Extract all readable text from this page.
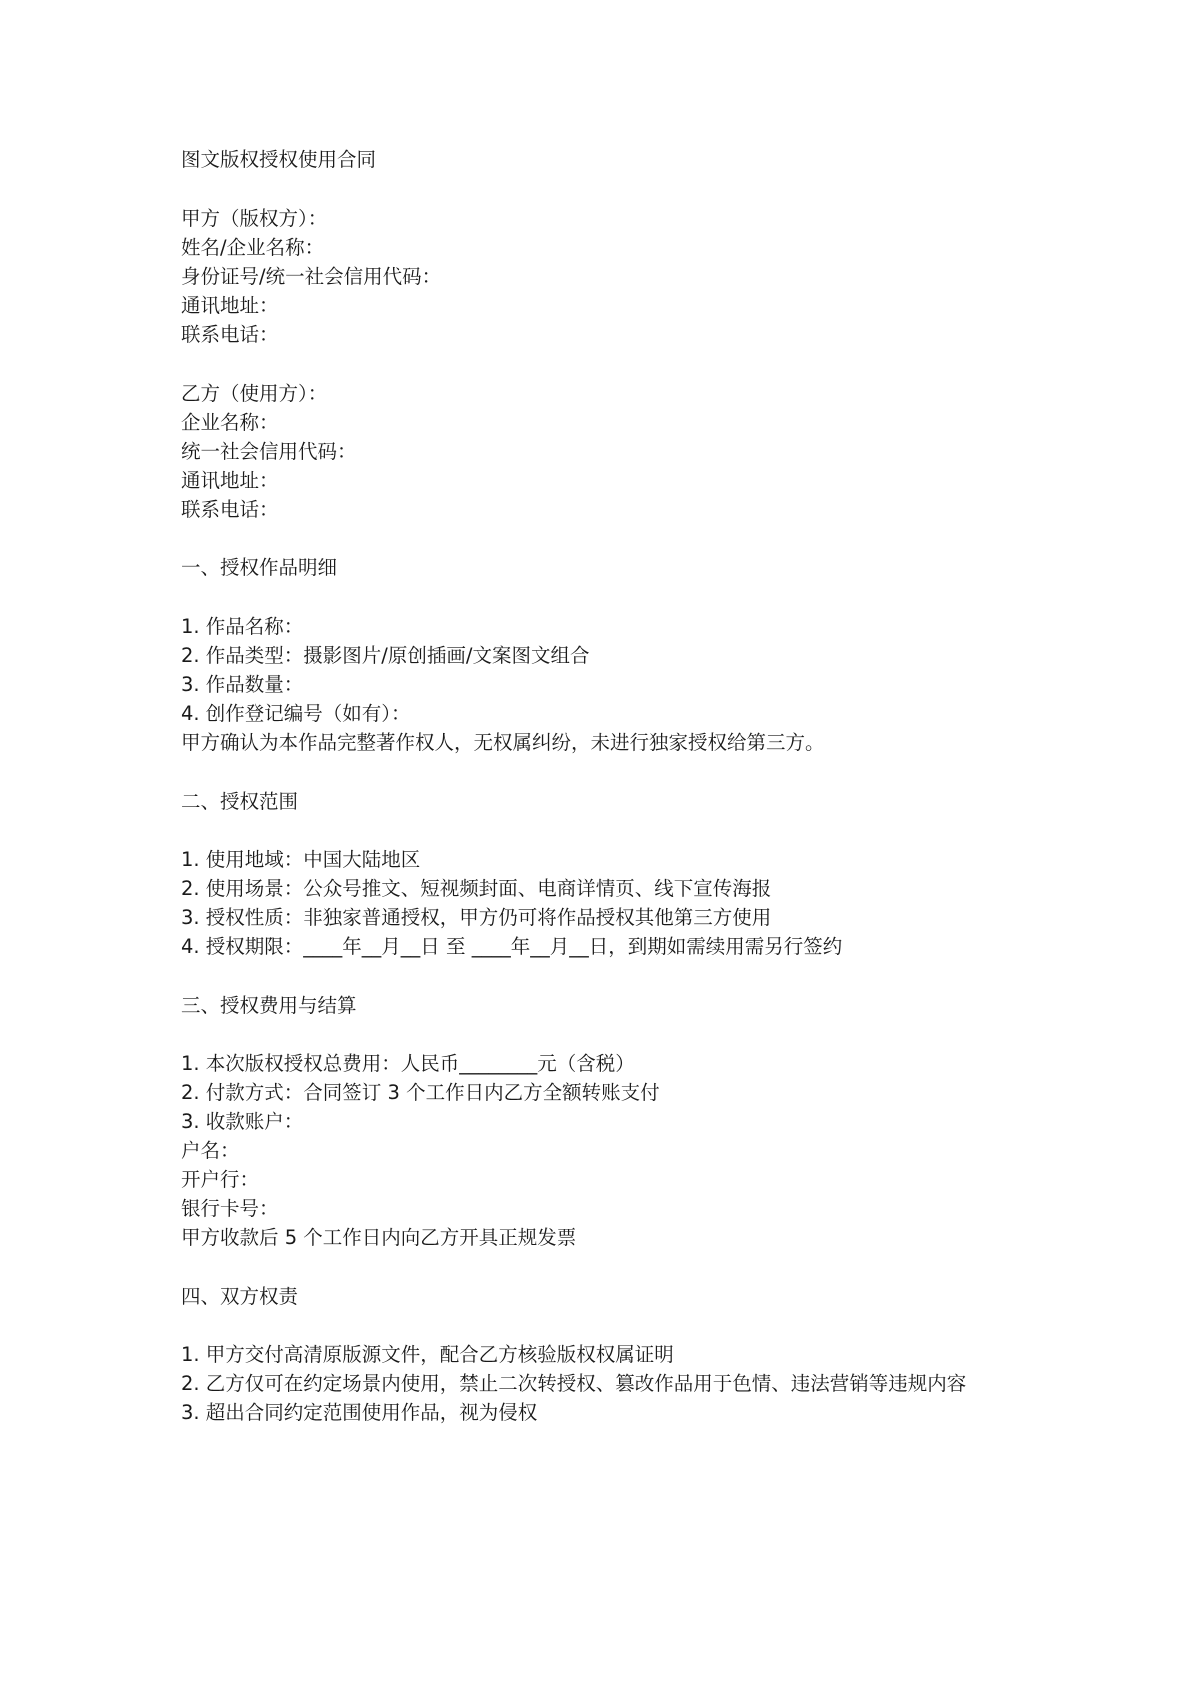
图文版权授权使用合同
甲方（版权方）：
姓名/企业名称：
身份证号/统一社会信用代码：
通讯地址：
联系电话：
乙方（使用方）：
企业名称：
统一社会信用代码：
通讯地址：
联系电话：
一、授权作品明细
1. 作品名称：
2. 作品类型：摄影图片/原创插画/文案图文组合
3. 作品数量：
4. 创作登记编号（如有）：
甲方确认为本作品完整著作权人，无权属纠纷，未进行独家授权给第三方。
二、授权范围
1. 使用地域：中国大陆地区
2. 使用场景：公众号推文、短视频封面、电商详情页、线下宣传海报
3. 授权性质：非独家普通授权，甲方仍可将作品授权其他第三方使用
4. 授权期限：____年__月__日 至 ____年__月__日，到期如需续用需另行签约
三、授权费用与结算
1. 本次版权授权总费用：人民币________元（含税）
2. 付款方式：合同签订 3 个工作日内乙方全额转账支付
3. 收款账户：
户名：
开户行：
银行卡号：
甲方收款后 5 个工作日内向乙方开具正规发票
四、双方权责
1. 甲方交付高清原版源文件，配合乙方核验版权权属证明
2. 乙方仅可在约定场景内使用，禁止二次转授权、篡改作品用于色情、违法营销等违规内容
3. 超出合同约定范围使用作品，视为侵权
